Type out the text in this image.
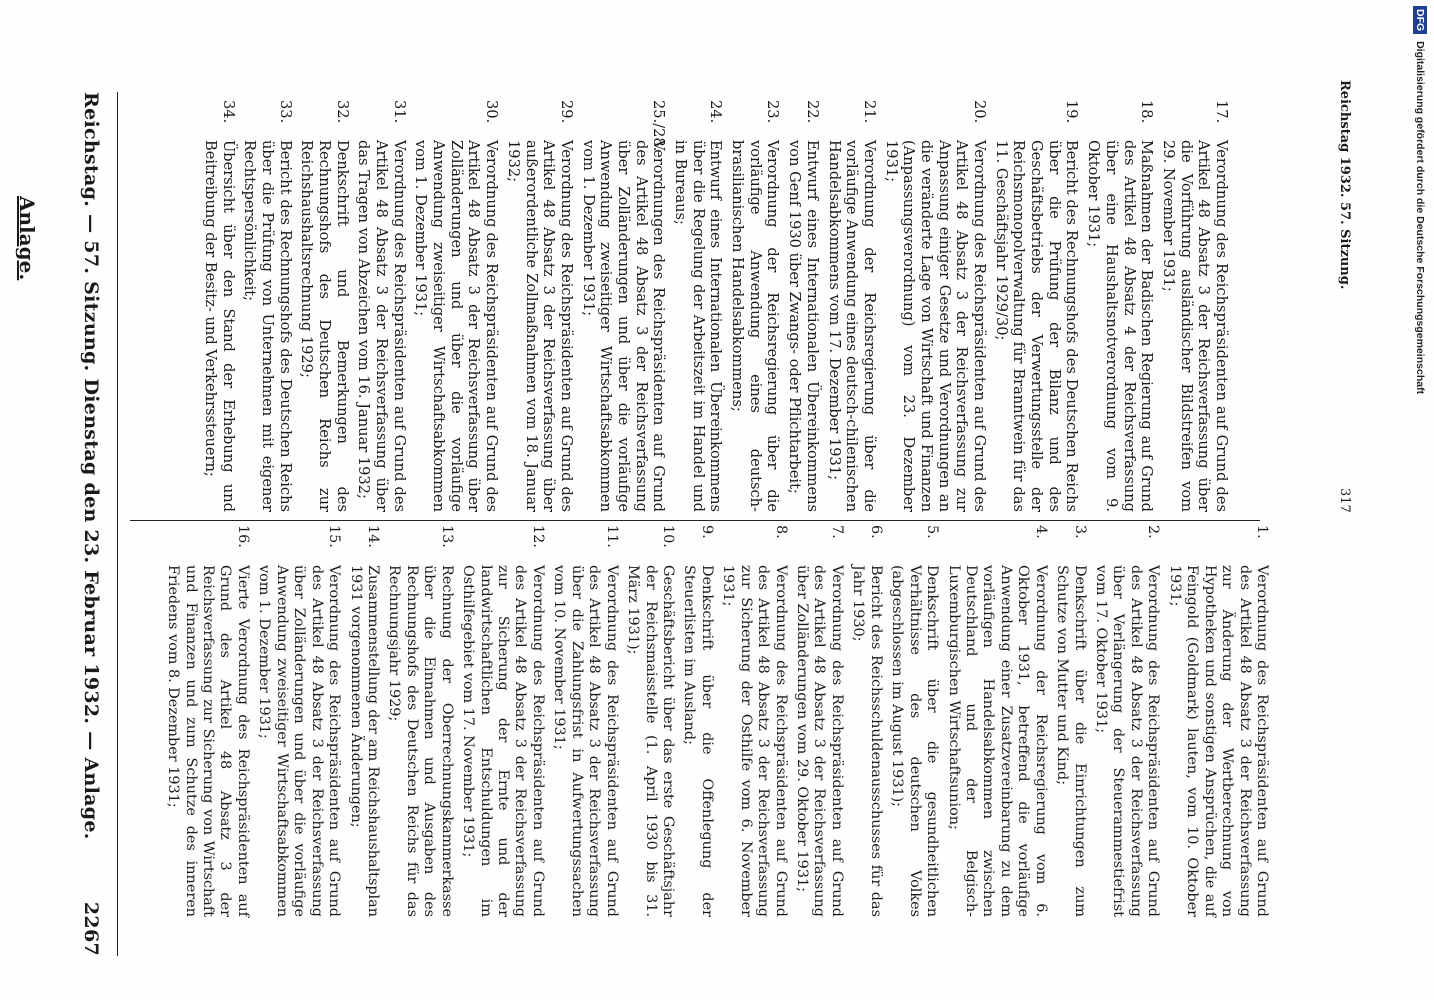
Reichstag. — 57. Sitzung. Dienstag den 23. Februar 1932. — Anlage.
2267
1.
Verordnung des Reichspräsidenten auf Grund des Artikel 48 Absatz 3 der Reichsverfassung zur Änderung der Wertberechnung von Hypotheken und sonstigen Ansprüchen, die auf Feingold (Goldmark) lauten, vom 10. Oktober 1931;
2.
Verordnung des Reichspräsidenten auf Grund des Artikel 48 Absatz 3 der Reichsverfassung über Verlängerung der Steuerammestiefrist vom 17. Oktober 1931;
3.
Denkschrift über die Einrichtungen zum Schutze von Mutter und Kind;
4.
Verordnung der Reichsregierung vom 6. Oktober 1931, betreffend die vorläufige Anwendung einer Zusatzvereinbarung zu dem vorläufigen Handelsabkommen zwischen Deutschland und der Belgisch-Luxemburgischen Wirtschaftsunion;
5.
Denkschrift über die gesundheitlichen Verhältnisse des deutschen Volkes (abgeschlossen im August 1931);
6.
Bericht des Reichsschuldenausschusses für das Jahr 1930;
7.
Verordnung des Reichspräsidenten auf Grund des Artikel 48 Absatz 3 der Reichsverfassung über Zolländerungen vom 29. Oktober 1931;
8.
Verordnung des Reichspräsidenten auf Grund des Artikel 48 Absatz 3 der Reichsverfassung zur Sicherung der Osthilfe vom 6. November 1931;
9.
Denkschrift über die Offenlegung der Steuerlisten im Ausland;
10.
Geschäftsbericht über das erste Geschäftsjahr der Reichsmaisstelle (1. April 1930 bis 31. März 1931);
11.
Verordnung des Reichspräsidenten auf Grund des Artikel 48 Absatz 3 der Reichsverfassung über die Zahlungsfrist in Aufwertungssachen vom 10. November 1931;
12.
Verordnung des Reichspräsidenten auf Grund des Artikel 48 Absatz 3 der Reichsverfassung zur Sicherung der Ernte und der landwirtschaftlichen Entschuldungen im Osthilfegebiet vom 17. November 1931;
13.
Rechnung der Oberrechnungskammerkasse über die Einnahmen und Ausgaben des Rechnungshofs des Deutschen Reichs für das Rechnungsjahr 1929;
14.
Zusammenstellung der am Reichshaushaltsplan 1931 vorgenommenen Änderungen;
15.
Verordnung des Reichspräsidenten auf Grund des Artikel 48 Absatz 3 der Reichsverfassung über Zolländerungen und über die vorläufige Anwendung zweiseitiger Wirtschaftsabkommen vom 1. Dezember 1931;
16.
Vierte Verordnung des Reichspräsidenten auf Grund des Artikel 48 Absatz 3 der Reichsverfassung zur Sicherung von Wirtschaft und Finanzen und zum Schutze des inneren Friedens vom 8. Dezember 1931;
Anlage.
17.
Verordnung des Reichspräsidenten auf Grund des Artikel 48 Absatz 3 der Reichsverfassung über die Vorführung ausländischer Bildstreifen vom 29. November 1931;
18.
Maßnahmen der Badischen Regierung auf Grund des Artikel 48 Absatz 4 der Reichsverfassung über eine Haushaltsnotverordnung vom 9. Oktober 1931;
19.
Bericht des Rechnungshofs des Deutschen Reichs über die Prüfung der Bilanz und des Geschäftsbetriebs der Verwertungsstelle der Reichsmonopolverwaltung für Branntwein für das 11. Geschäftsjahr 1929/30;
20.
Verordnung des Reichspräsidenten auf Grund des Artikel 48 Absatz 3 der Reichsverfassung zur Anpassung einiger Gesetze und Verordnungen an die veränderte Lage von Wirtschaft und Finanzen (Anpassungsverordnung) vom 23. Dezember 1931;
21.
Verordnung der Reichsregierung über die vorläufige Anwendung eines deutsch-chilenischen Handelsabkommens vom 17. Dezember 1931;
22.
Entwurf eines Internationalen Übereinkommens von Genf 1930 über Zwangs- oder Pflichtarbeit;
23.
Verordnung der Reichsregierung über die vorläufige Anwendung eines deutsch-brasilianischen Handelsabkommens;
24.
Entwurf eines Internationalen Übereinkommens über die Regelung der Arbeitszeit im Handel und in Bureaus;
25./28.
Verordnungen des Reichspräsidenten auf Grund des Artikel 48 Absatz 3 der Reichsverfassung über Zolländerungen und über die vorläufige Anwendung zweiseitiger Wirtschaftsabkommen vom 1. Dezember 1931;
29.
Verordnung des Reichspräsidenten auf Grund des Artikel 48 Absatz 3 der Reichsverfassung über außerordentliche Zollmaßnahmen vom 18. Januar 1932;
30.
Verordnung des Reichspräsidenten auf Grund des Artikel 48 Absatz 3 der Reichsverfassung über Zolländerungen und über die vorläufige Anwendung zweiseitiger Wirtschaftsabkommen vom 1. Dezember 1931;
31.
Verordnung des Reichspräsidenten auf Grund des Artikel 48 Absatz 3 der Reichsverfassung über das Tragen von Abzeichen vom 16. Januar 1932;
32.
Denkschrift und Bemerkungen des Rechnungshofs des Deutschen Reichs zur Reichshaushaltsrechnung 1929;
33.
Bericht des Rechnungshofs des Deutschen Reichs über die Prüfung von Unternehmen mit eigener Rechtspersönlichkeit;
34.
Übersicht über den Stand der Erhebung und Beitreibung der Besitz- und Verkehrssteuern;	Reichstag 1932. 57. Sitzung.
317
DFG Digitalisierung gefördert durch die Deutsche Forschungsgemeinschaft
